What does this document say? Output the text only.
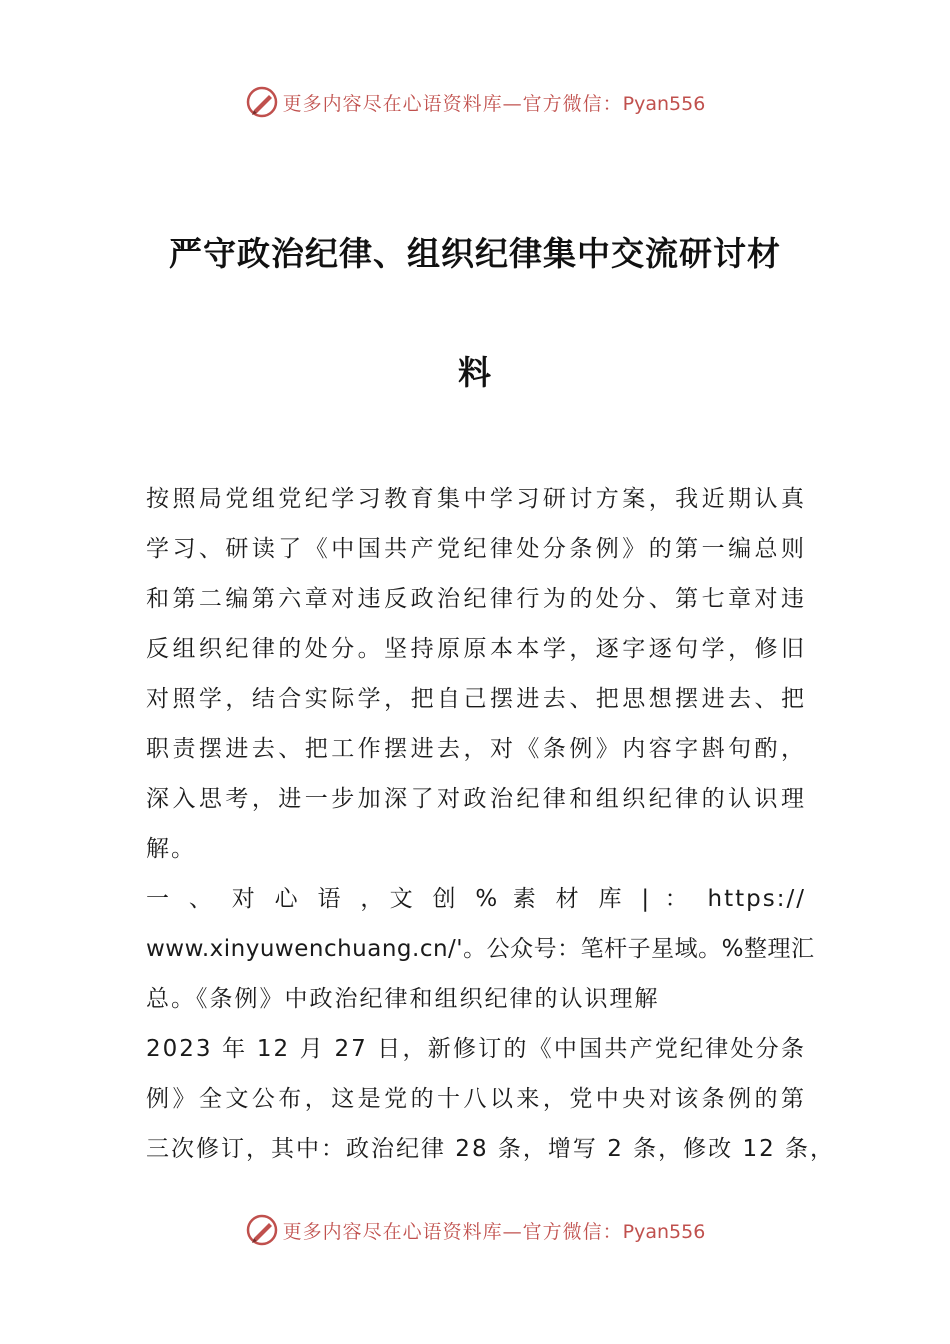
更多内容尽在心语资料库—官方微信：Pyan556
严守政治纪律、组织纪律集中交流研讨材
料
按照局党组党纪学习教育集中学习研讨方案，我近期认真
学习、研读了《中国共产党纪律处分条例》的第一编总则
和第二编第六章对违反政治纪律行为的处分、第七章对违
反组织纪律的处分。坚持原原本本学，逐字逐句学，修旧
对照学，结合实际学，把自己摆进去、把思想摆进去、把
职责摆进去、把工作摆进去，对《条例》内容字斟句酌，
深入思考，进一步加深了对政治纪律和组织纪律的认识理
解。
一 、 对 心 语 ，文 创 % 素 材 库 | ： https://
www.xinyuwenchuang.cn/'。公众号：笔杆子星域。%整理汇
总。《条例》中政治纪律和组织纪律的认识理解
2023 年 12 月 27 日，新修订的《中国共产党纪律处分条
例》全文公布，这是党的十八以来，党中央对该条例的第
三次修订，其中：政治纪律 28 条，增写 2 条，修改 12 条，
更多内容尽在心语资料库—官方微信：Pyan556
